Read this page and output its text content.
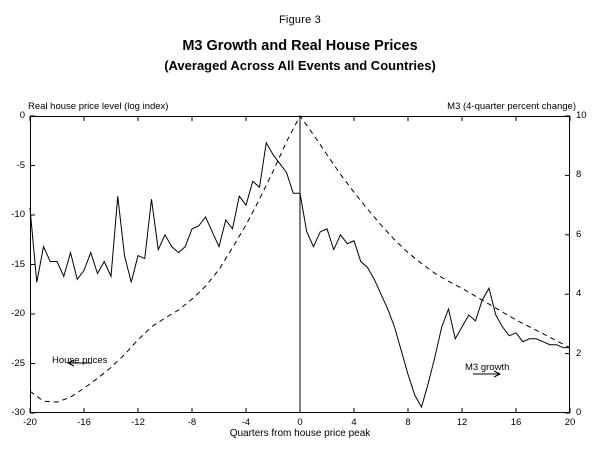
Figure 3
M3 Growth and Real House Prices
(Averaged Across All Events and Countries)
Real house price level (log index)	M3 (4-quarter percent change)
Quarters from house price peak
House prices
M3 growth
0
-5
-10
-15
-20
-25
-30
10
8
6
4
2
0
-20	-16	-12	-8	-4	0	4	8	12	16	20
